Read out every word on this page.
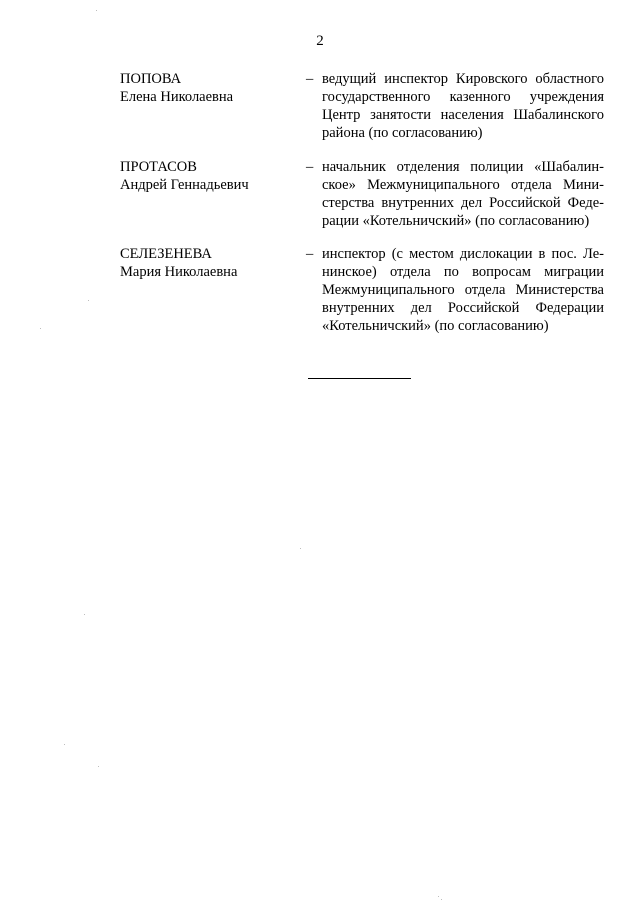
2
ПОПОВА
Елена Николаевна
– ведущий инспектор Кировского областного
государственного казенного учреждения
Центр занятости населения Шабалинского
района (по согласованию)
ПРОТАСОВ
Андрей Геннадьевич
– начальник отделения полиции «Шабалин-
ское» Межмуниципального отдела Мини-
стерства внутренних дел Российской Феде-
рации «Котельничский» (по согласованию)
СЕЛЕЗЕНЕВА
Мария Николаевна
– инспектор (с местом дислокации в пос. Ле-
нинское) отдела по вопросам миграции
Межмуниципального отдела Министерства
внутренних дел Российской Федерации
«Котельничский» (по согласованию)
